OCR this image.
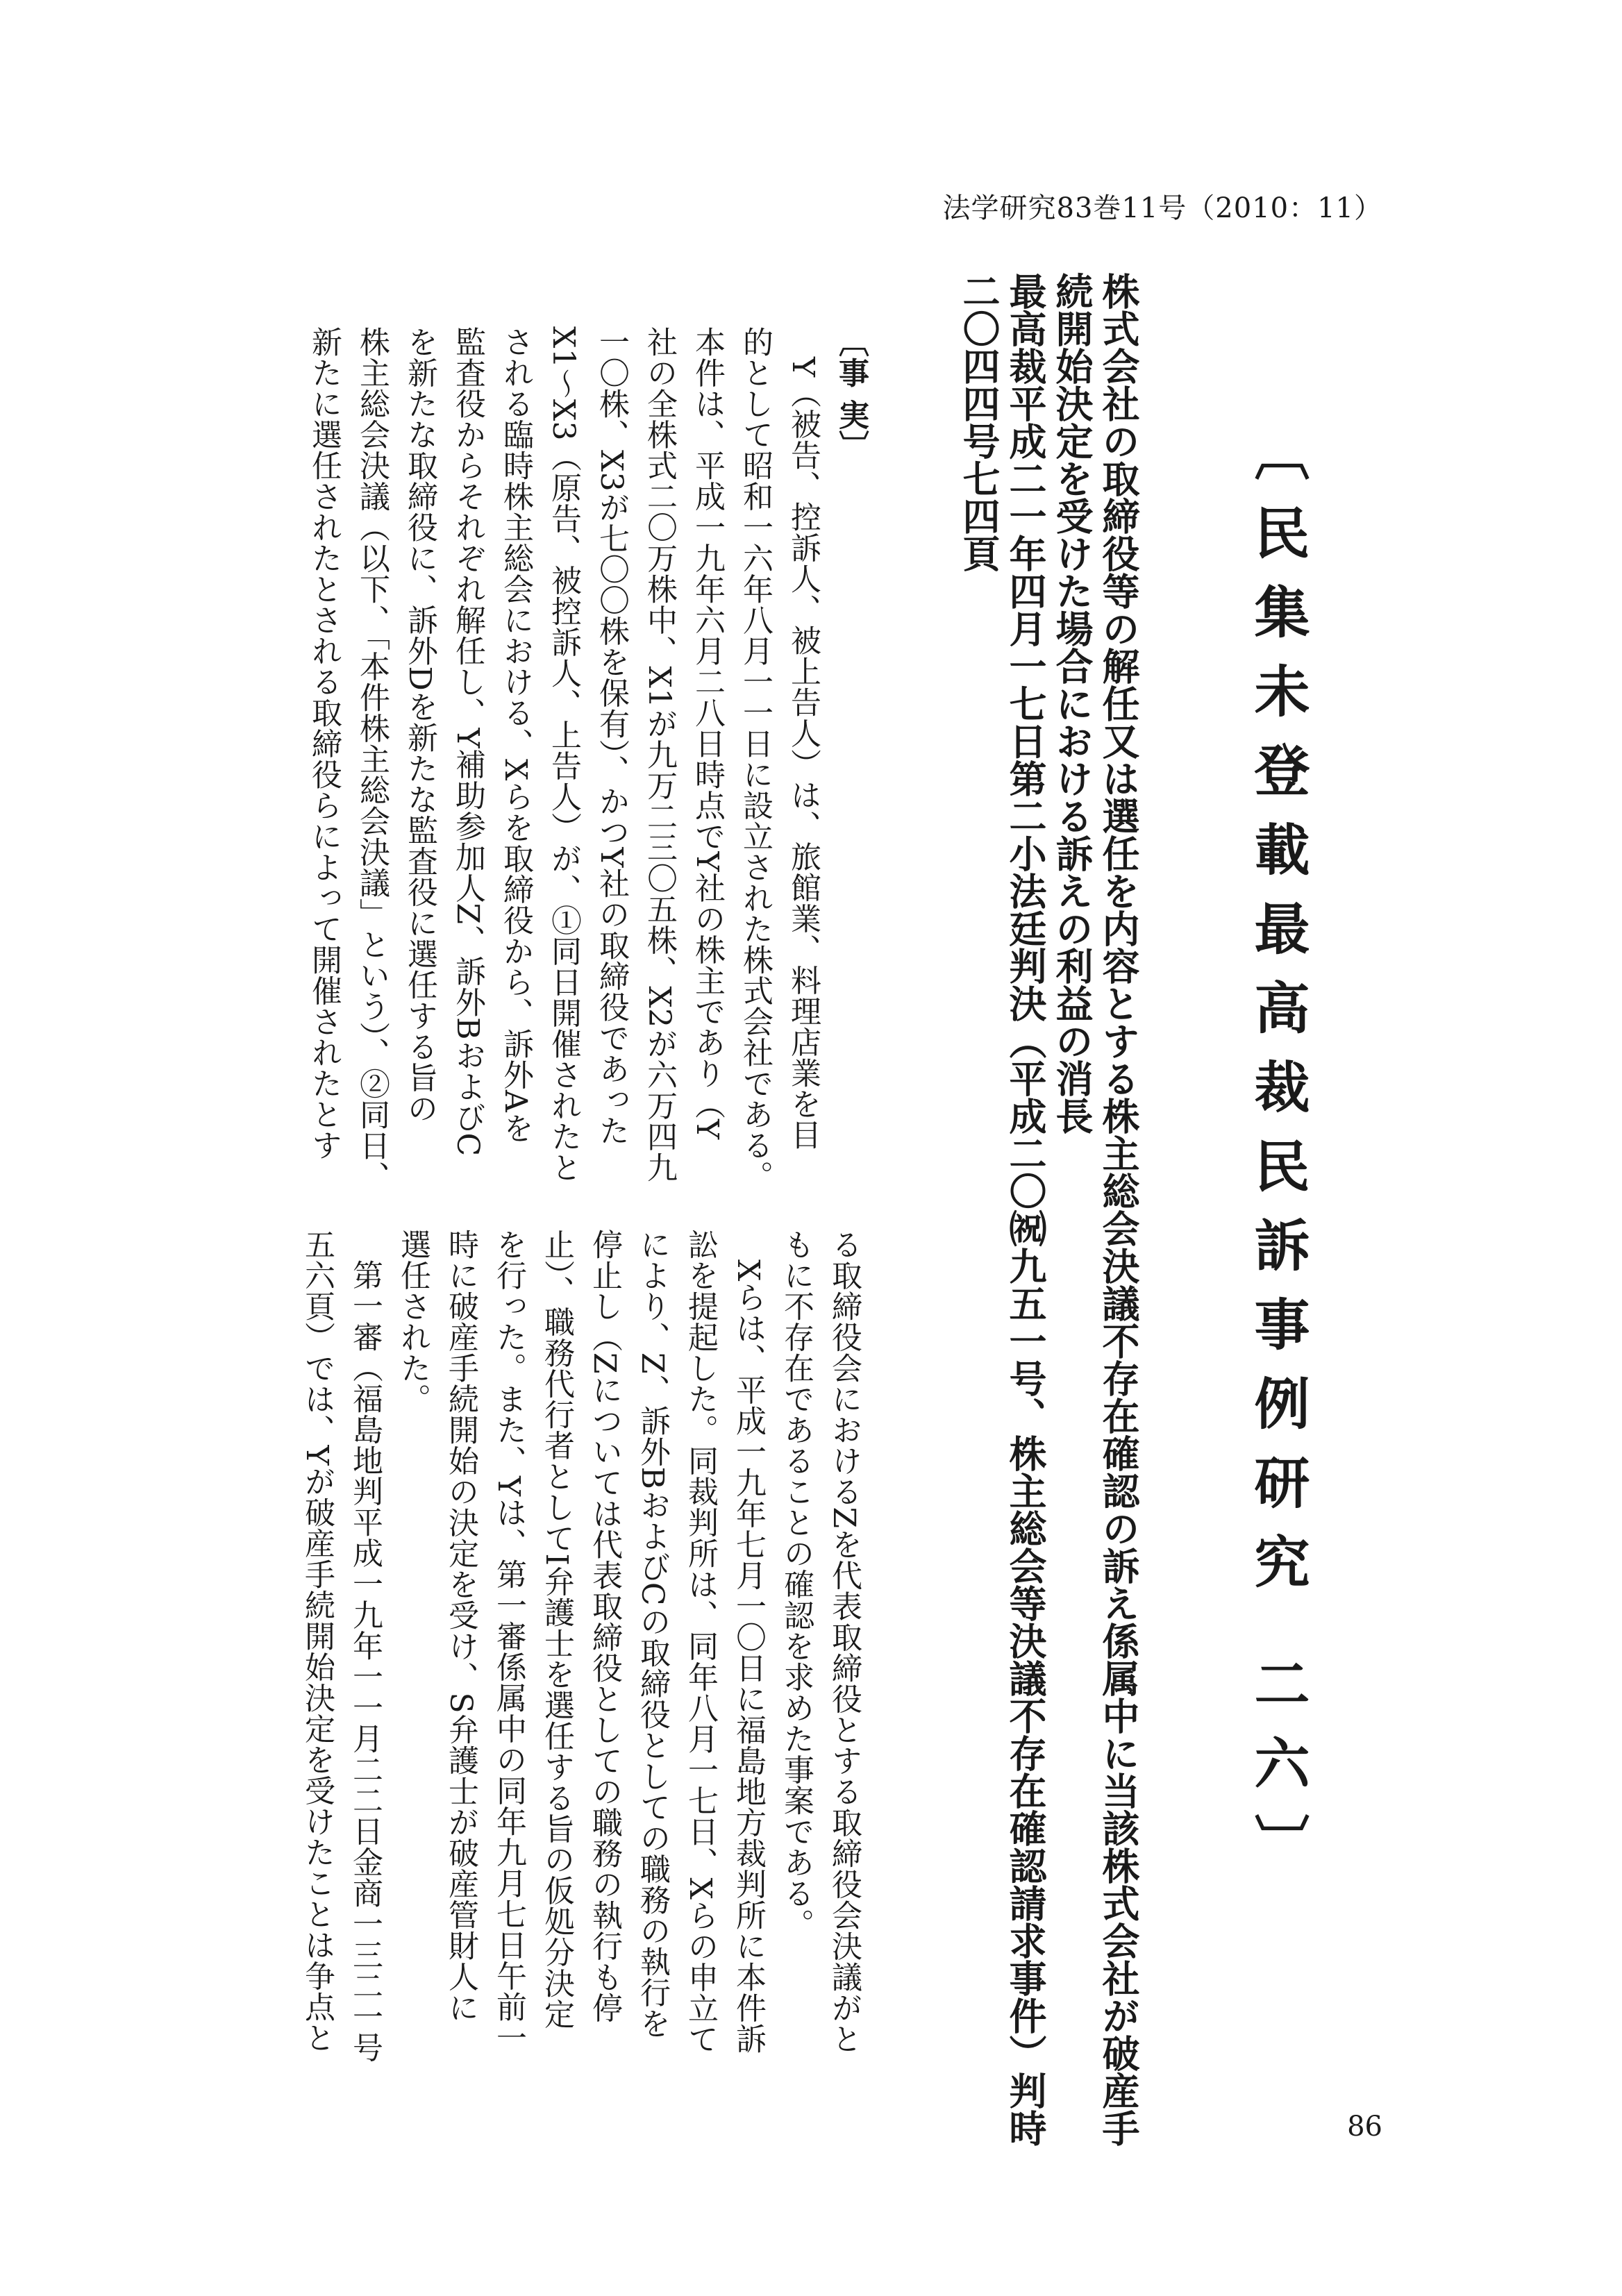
法学研究83巻11号（2010：11）
〔民集未登載最高裁民訴事例研究 二六〕

株式会社の取締役等の解任又は選任を内容とする株主総会決議不存在確認の訴え係属中に当該株式会社が破産手

続開始決定を受けた場合における訴えの利益の消長

最高裁平成二一年四月一七日第二小法廷判決（平成二〇㈷九五一号、株主総会等決議不存在確認請求事件）判時

二〇四四号七四頁

〔事 実〕

Y（被告、控訴人、被上告人）は、旅館業、料理店業を目

的として昭和一六年八月一一日に設立された株式会社である。

本件は、平成一九年六月二八日時点でY社の株主であり（Y

社の全株式二〇万株中、X1が九万二三〇五株、X2が六万四九

一〇株、X3が七〇〇株を保有）、かつY社の取締役であった

X1～X3（原告、被控訴人、上告人）が、①同日開催されたと

される臨時株主総会における、Xらを取締役から、訴外Aを

監査役からそれぞれ解任し、Y補助参加人Z、訴外BおよびC

を新たな取締役に、訴外Dを新たな監査役に選任する旨の

株主総会決議（以下、「本件株主総会決議」という）、②同日、

新たに選任されたとされる取締役らによって開催されたとす

る取締役会におけるZを代表取締役とする取締役会決議がと

もに不存在であることの確認を求めた事案である。

Xらは、平成一九年七月一〇日に福島地方裁判所に本件訴

訟を提起した。同裁判所は、同年八月一七日、Xらの申立て

により、Z、訴外BおよびCの取締役としての職務の執行を

停止し（Zについては代表取締役としての職務の執行も停

止）、職務代行者としてI弁護士を選任する旨の仮処分決定

を行った。また、Yは、第一審係属中の同年九月七日午前一

時に破産手続開始の決定を受け、S弁護士が破産管財人に

選任された。

第一審（福島地判平成一九年一一月二二日金商一三二一号

五六頁）では、Yが破産手続開始決定を受けたことは争点と

86
